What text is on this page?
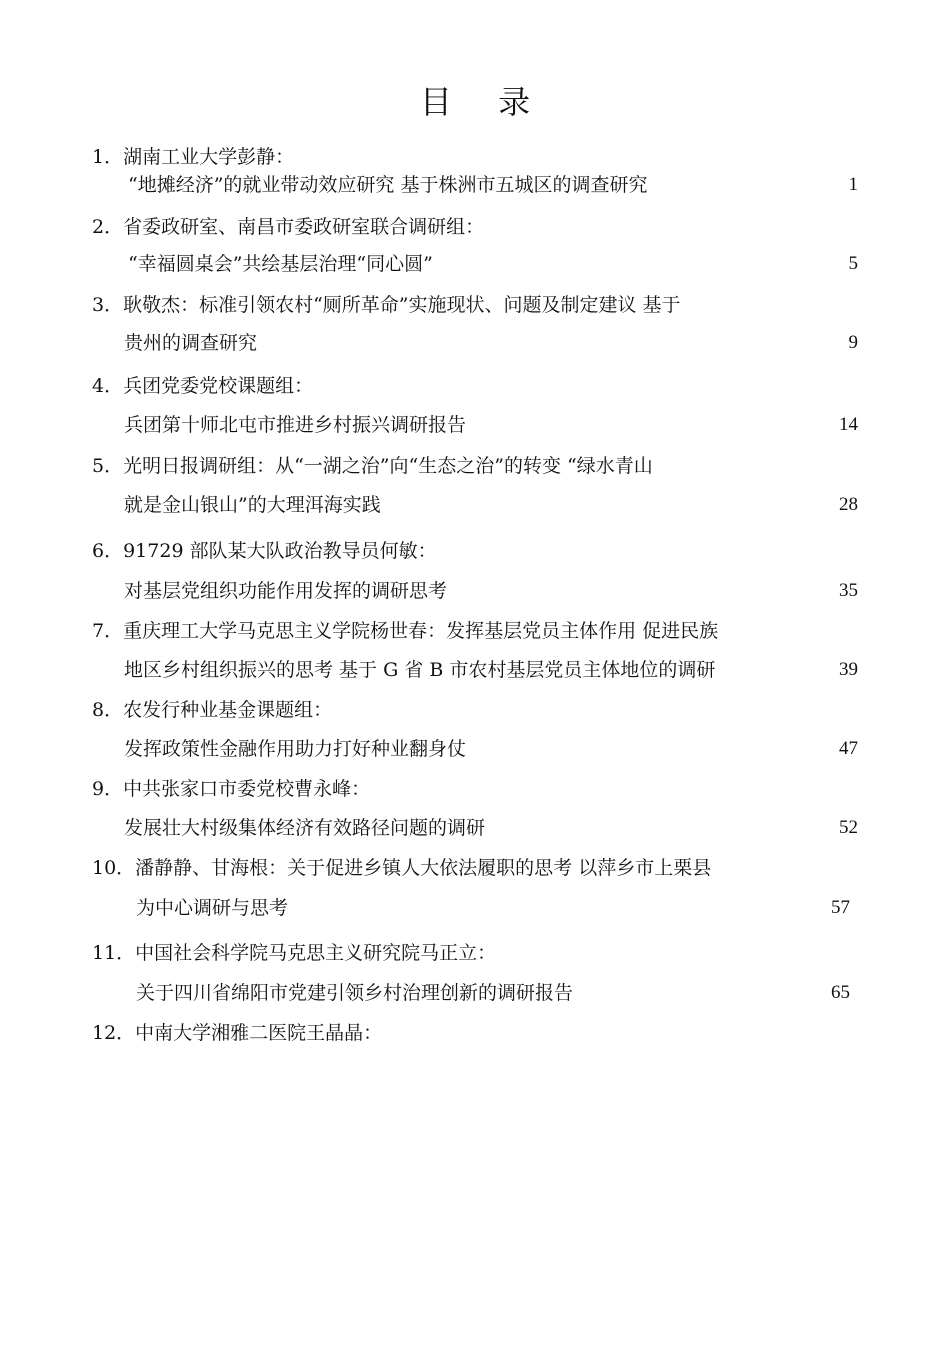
目 录
1．湖南工业大学彭静：
“地摊经济”的就业带动效应研究 基于株洲市五城区的调查研究	1
2．省委政研室、南昌市委政研室联合调研组：
“幸福圆桌会”共绘基层治理“同心圆”	5
3．耿敬杰：标准引领农村“厕所革命”实施现状、问题及制定建议 基于
贵州的调查研究	9
4．兵团党委党校课题组：
兵团第十师北屯市推进乡村振兴调研报告	14
5．光明日报调研组：从“一湖之治”向“生态之治”的转变 “绿水青山
就是金山银山”的大理洱海实践	28
6．91729 部队某大队政治教导员何敏：
对基层党组织功能作用发挥的调研思考	35
7．重庆理工大学马克思主义学院杨世春：发挥基层党员主体作用 促进民族
地区乡村组织振兴的思考 基于 G 省 B 市农村基层党员主体地位的调研	39
8．农发行种业基金课题组：
发挥政策性金融作用助力打好种业翻身仗	47
9．中共张家口市委党校曹永峰：
发展壮大村级集体经济有效路径问题的调研	52
10．潘静静、甘海根：关于促进乡镇人大依法履职的思考 以萍乡市上栗县
为中心调研与思考	57
11．中国社会科学院马克思主义研究院马正立：
关于四川省绵阳市党建引领乡村治理创新的调研报告	65
12．中南大学湘雅二医院王晶晶：
